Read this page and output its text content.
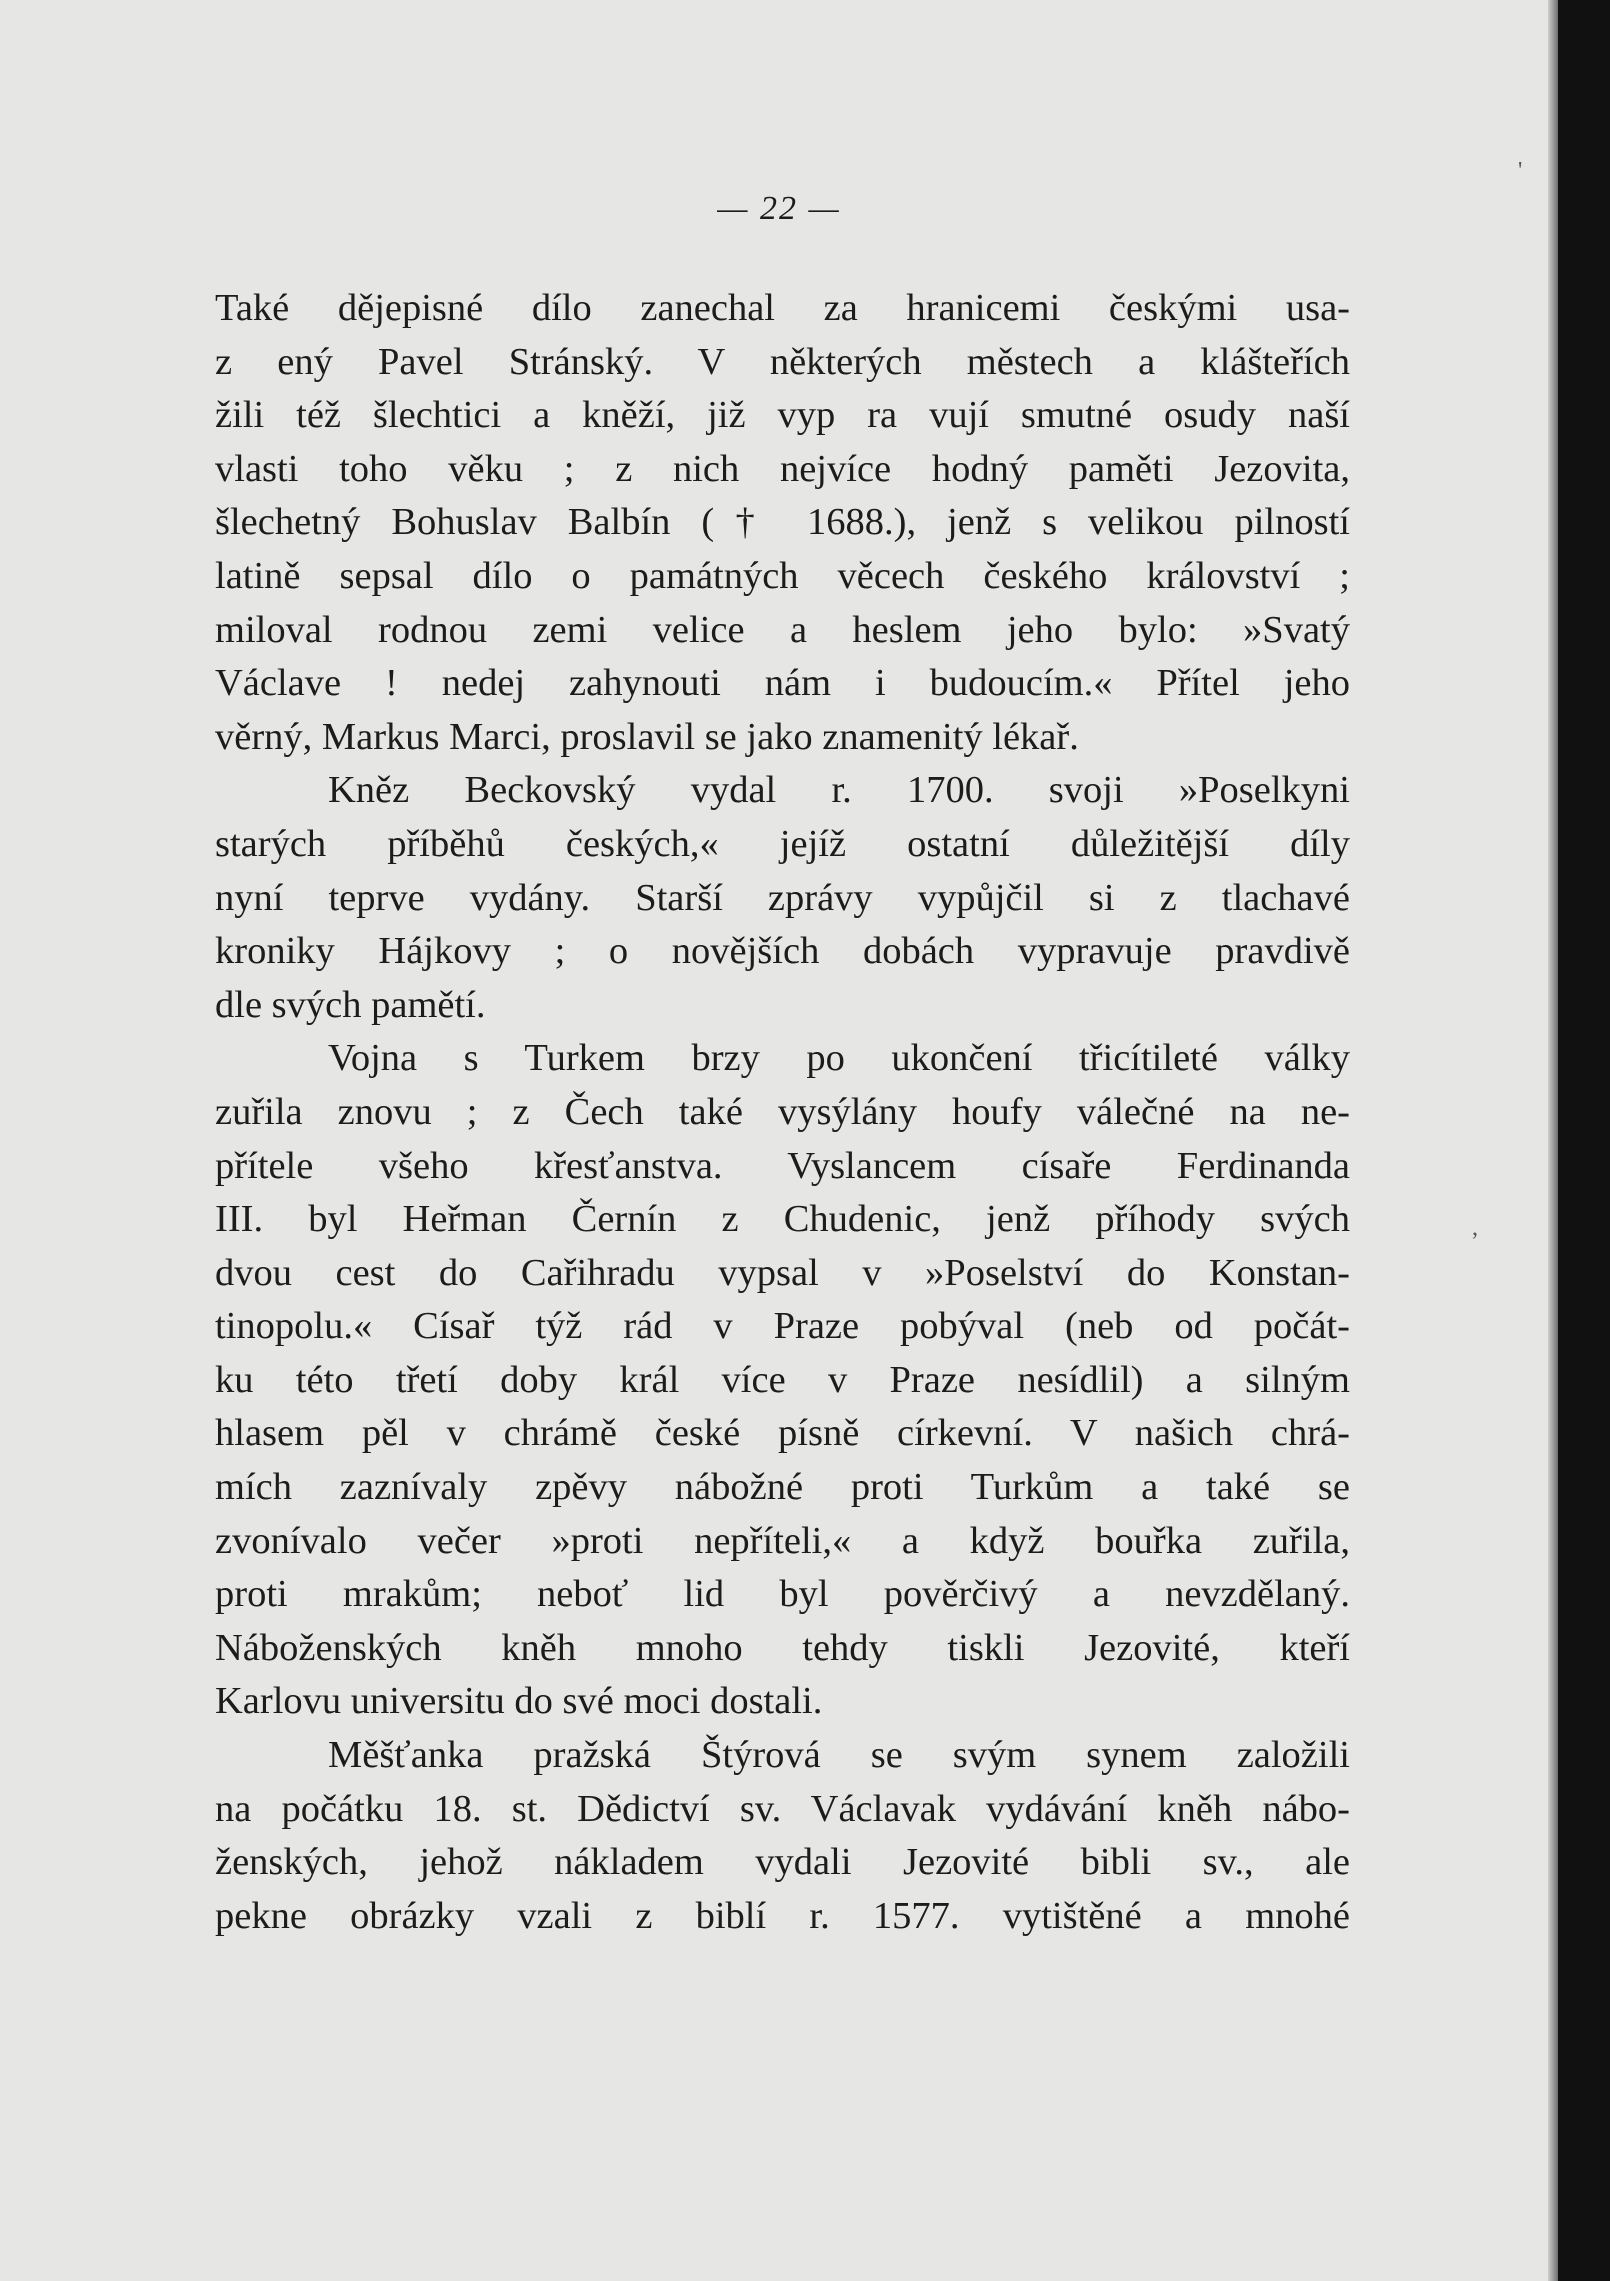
— 22 —
Také dějepisné dílo zanechal za hranicemi českými usa-
z ený Pavel Stránský. V některých městech a klášteřích
žili též šlechtici a kněží, již vyp ra vují smutné osudy naší
vlasti toho věku ; z nich nejvíce hodný paměti Jezovita,
šlechetný Bohuslav Balbín († 1688.), jenž s velikou pilností
latině sepsal dílo o památných věcech českého království ;
miloval rodnou zemi velice a heslem jeho bylo: »Svatý
Václave ! nedej zahynouti nám i budoucím.« Přítel jeho
věrný, Markus Marci, proslavil se jako znamenitý lékař.
Kněz Beckovský vydal r. 1700. svoji »Poselkyni
starých příběhů českých,« jejíž ostatní důležitější díly
nyní teprve vydány. Starší zprávy vypůjčil si z tlachavé
kroniky Hájkovy ; o novějších dobách vypravuje pravdivě
dle svých pamětí.
Vojna s Turkem brzy po ukončení třicítileté války
zuřila znovu ; z Čech také vysýlány houfy válečné na ne-
přítele všeho křesťanstva. Vyslancem císaře Ferdinanda
III. byl Heřman Černín z Chudenic, jenž příhody svých
dvou cest do Cařihradu vypsal v »Poselství do Konstan-
tinopolu.« Císař týž rád v Praze pobýval (neb od počát-
ku této třetí doby král více v Praze nesídlil) a silným
hlasem pěl v chrámě české písně církevní. V našich chrá-
mích zaznívaly zpěvy nábožné proti Turkům a také se
zvonívalo večer »proti nepříteli,« a když bouřka zuřila,
proti mrakům; neboť lid byl pověrčivý a nevzdělaný.
Náboženských kněh mnoho tehdy tiskli Jezovité, kteří
Karlovu universitu do své moci dostali.
Měšťanka pražská Štýrová se svým synem založili
na počátku 18. st. Dědictví sv. Václavak vydávání kněh nábo-
ženských, jehož nákladem vydali Jezovité bibli sv., ale
pekne obrázky vzali z biblí r. 1577. vytištěné a mnohé
'
,
